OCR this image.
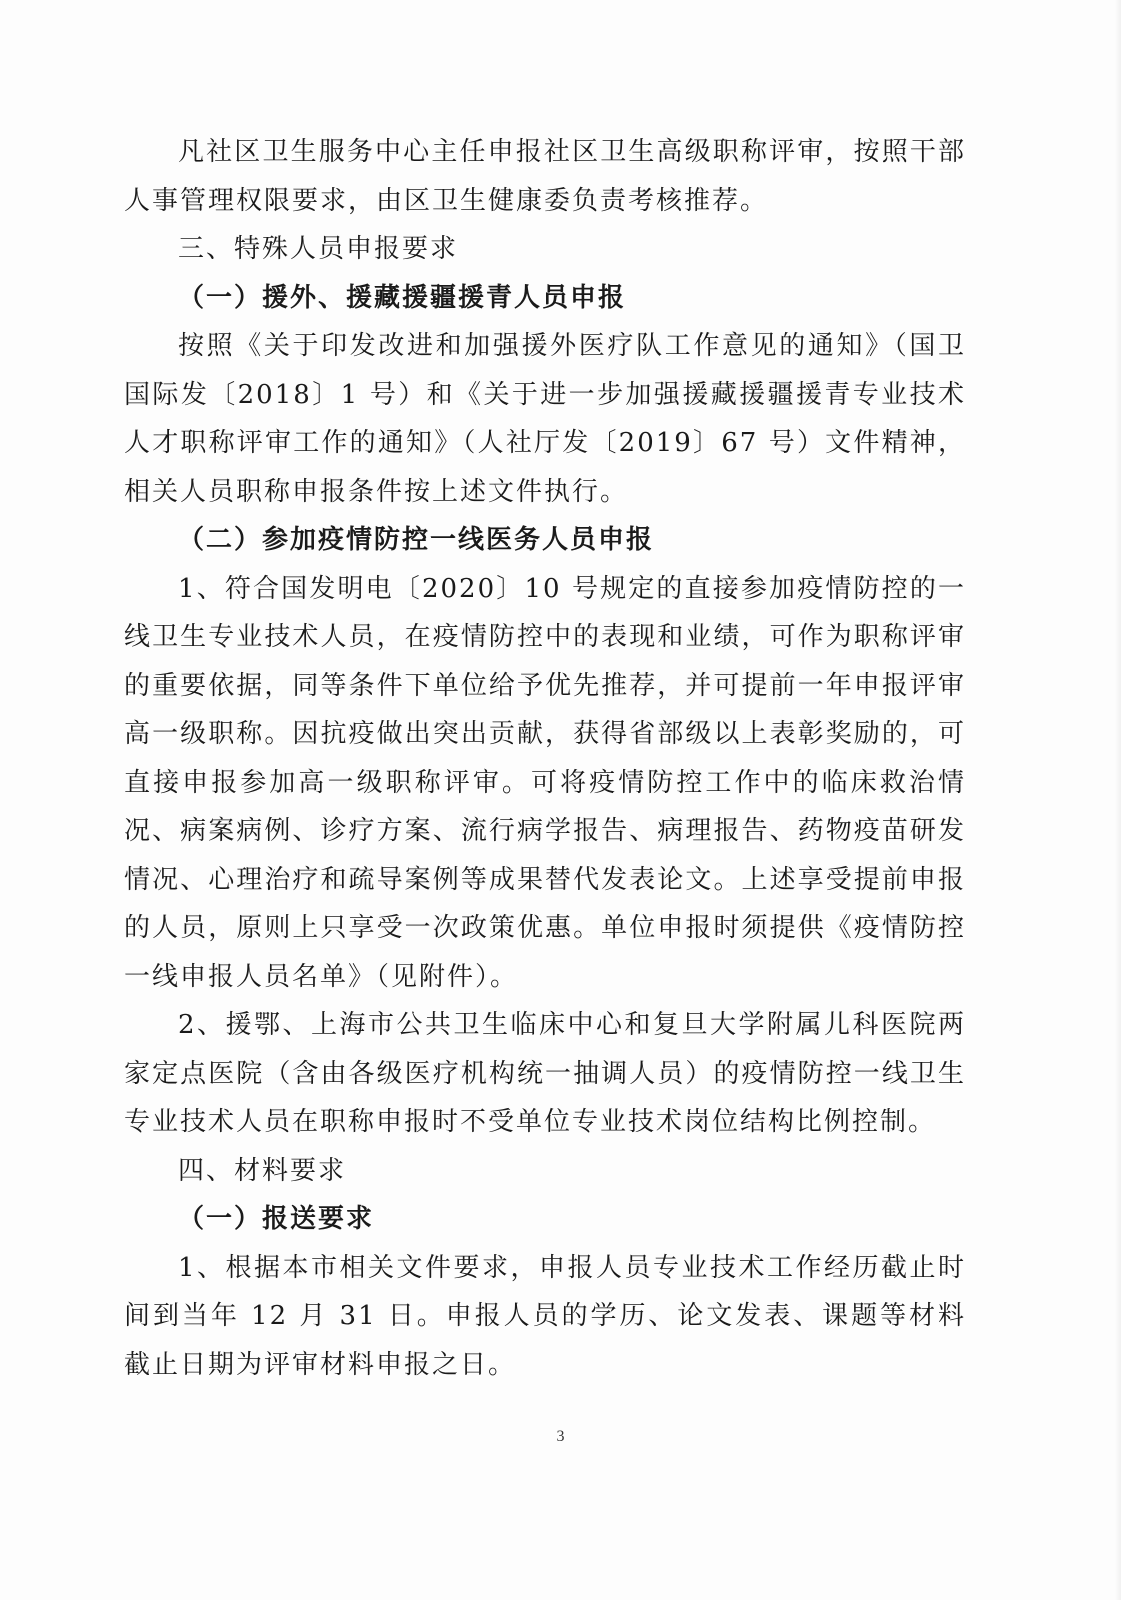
凡社区卫生服务中心主任申报社区卫生高级职称评审，按照干部人事管理权限要求，由区卫生健康委负责考核推荐。

三、特殊人员申报要求

（一）援外、援藏援疆援青人员申报

按照《关于印发改进和加强援外医疗队工作意见的通知》（国卫国际发〔2018〕1 号）和《关于进一步加强援藏援疆援青专业技术人才职称评审工作的通知》（人社厅发〔2019〕67 号）文件精神，相关人员职称申报条件按上述文件执行。

（二）参加疫情防控一线医务人员申报

1、符合国发明电〔2020〕10 号规定的直接参加疫情防控的一线卫生专业技术人员，在疫情防控中的表现和业绩，可作为职称评审的重要依据，同等条件下单位给予优先推荐，并可提前一年申报评审高一级职称。因抗疫做出突出贡献，获得省部级以上表彰奖励的，可直接申报参加高一级职称评审。可将疫情防控工作中的临床救治情况、病案病例、诊疗方案、流行病学报告、病理报告、药物疫苗研发情况、心理治疗和疏导案例等成果替代发表论文。上述享受提前申报的人员，原则上只享受一次政策优惠。单位申报时须提供《疫情防控一线申报人员名单》（见附件）。

2、援鄂、上海市公共卫生临床中心和复旦大学附属儿科医院两家定点医院（含由各级医疗机构统一抽调人员）的疫情防控一线卫生专业技术人员在职称申报时不受单位专业技术岗位结构比例控制。

四、材料要求

（一）报送要求

1、根据本市相关文件要求，申报人员专业技术工作经历截止时间到当年 12 月 31 日。申报人员的学历、论文发表、课题等材料截止日期为评审材料申报之日。

3
